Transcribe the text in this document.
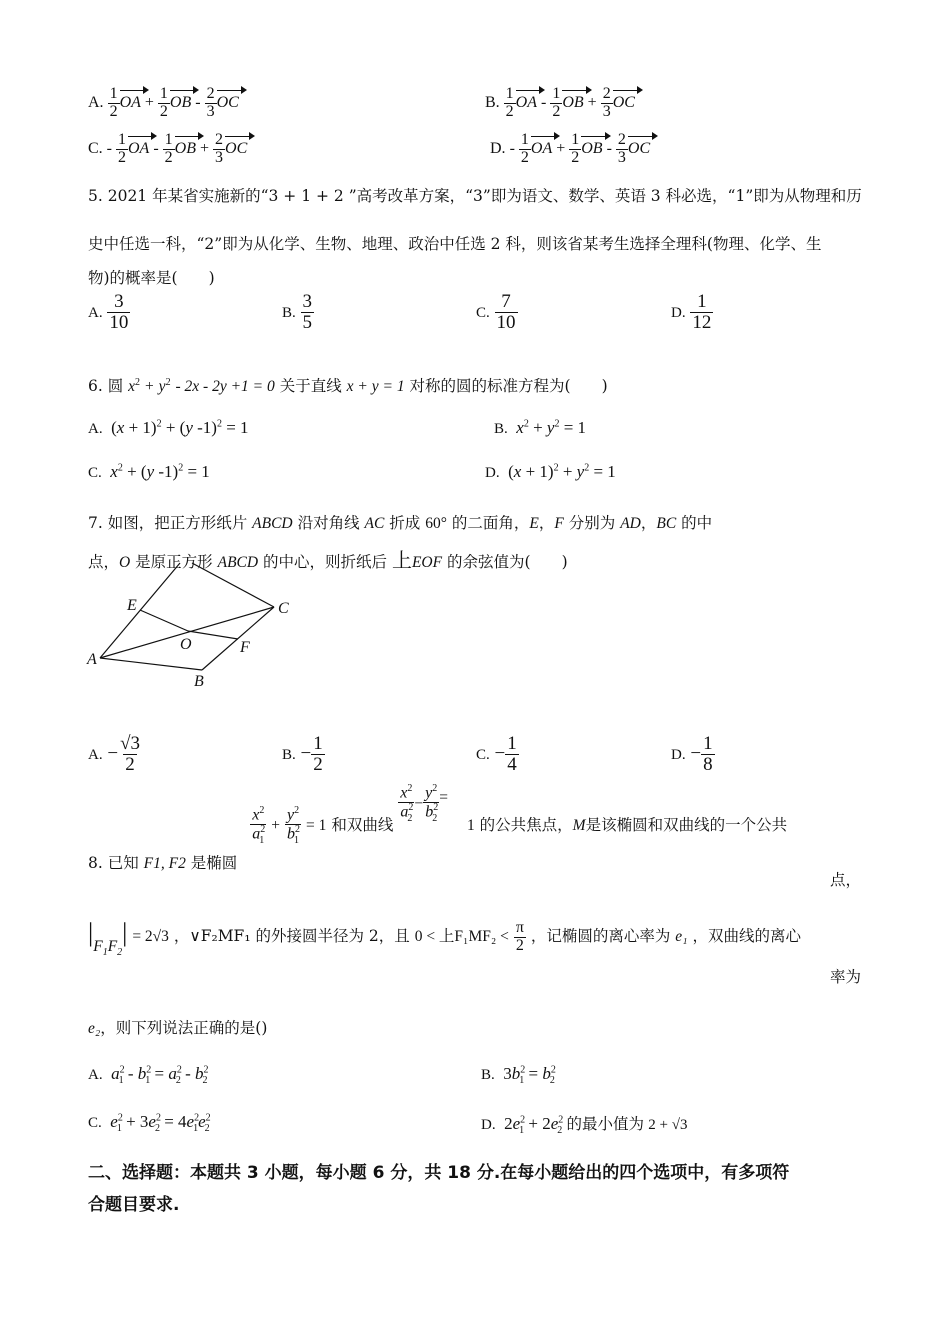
A. $\frac{1}{2}$ OA + $\frac{1}{2}$ OB - $\frac{2}{3}$ OC	B. $\frac{1}{2}$ OA - $\frac{1}{2}$ OB + $\frac{2}{3}$ OC
C. - $\frac{1}{2}$ OA - $\frac{1}{2}$ OB + $\frac{2}{3}$ OC	D. - $\frac{1}{2}$ OA + $\frac{1}{2}$ OB - $\frac{2}{3}$ OC
5. 2021 年某省实施新的“3 + 1 + 2 ”高考改革方案，“3”即为语文、数学、英语 3 科必选，“1”即为从物理和历
史中任选一科，“2”即为从化学、生物、地理、政治中任选 2 科，则该省某考生选择全理科(物理、化学、生
物)的概率是(　　)
A. $\frac{3}{10}$	B. $\frac{3}{5}$	C. $\frac{7}{10}$	D. $\frac{1}{12}$
6. 圆 $x^2 + y^2 - 2x - 2y +1 = 0$ 关于直线 x + y = 1 对称的圆的标准方程为(　　)
A.  $(x + 1)^2 + (y$ -1)$^2$ = 1	B. $x^2 + y^2 = 1$
C. $x^2 + (y$ -1)$^2$ = 1	D.  $(x + 1)^2 + y^2 = 1$
7. 如图，把正方形纸片 ABCD 沿对角线 AC 折成 60° 的二面角，E，F 分别为 AD，BC 的中
点，O 是原正方形 ABCD 的中心，则折纸后 上EOF 的余弦值为(　　)
A
B
C
E
F
O
A. − $\frac{√3}{2}$	B. − $\frac{1}{2}$	C. − $\frac{1}{4}$	D. − $\frac{1}{8}$
8. 已知 F1, F2 是椭圆
$\frac{x^2}{a^2_1} + \frac{y^2}{b^2_1} = 1$ 和双曲线
$\frac{x^2}{a^2_2} - \frac{y^2}{b^2_2} = 1$ 的公共焦点，M是该椭圆和双曲线的一个公共
点，
$|F_1F_2| = 2√3$ ，∨F₂MF₁ 的外接圆半径为 2，且 0 < 上$F_1MF_2 < \frac{\pi}{2}$ ，记椭圆的离心率为 e₁ ，双曲线的离心
率为
e₂，则下列说法正确的是()
A. $a^2_1 - b^2_1 = a^2_2 - b^2_2$	B.  $3b^2_1 = b^2_2$
C. $e^2_1 + 3e^2_2 = 4e^2_1e^2_2$	D.  $2e^2_1 + 2e^2_2$ 的最小值为 2 + √3
二、选择题：本题共 3 小题，每小题 6 分，共 18 分.在每小题给出的四个选项中，有多项符
合题目要求.
